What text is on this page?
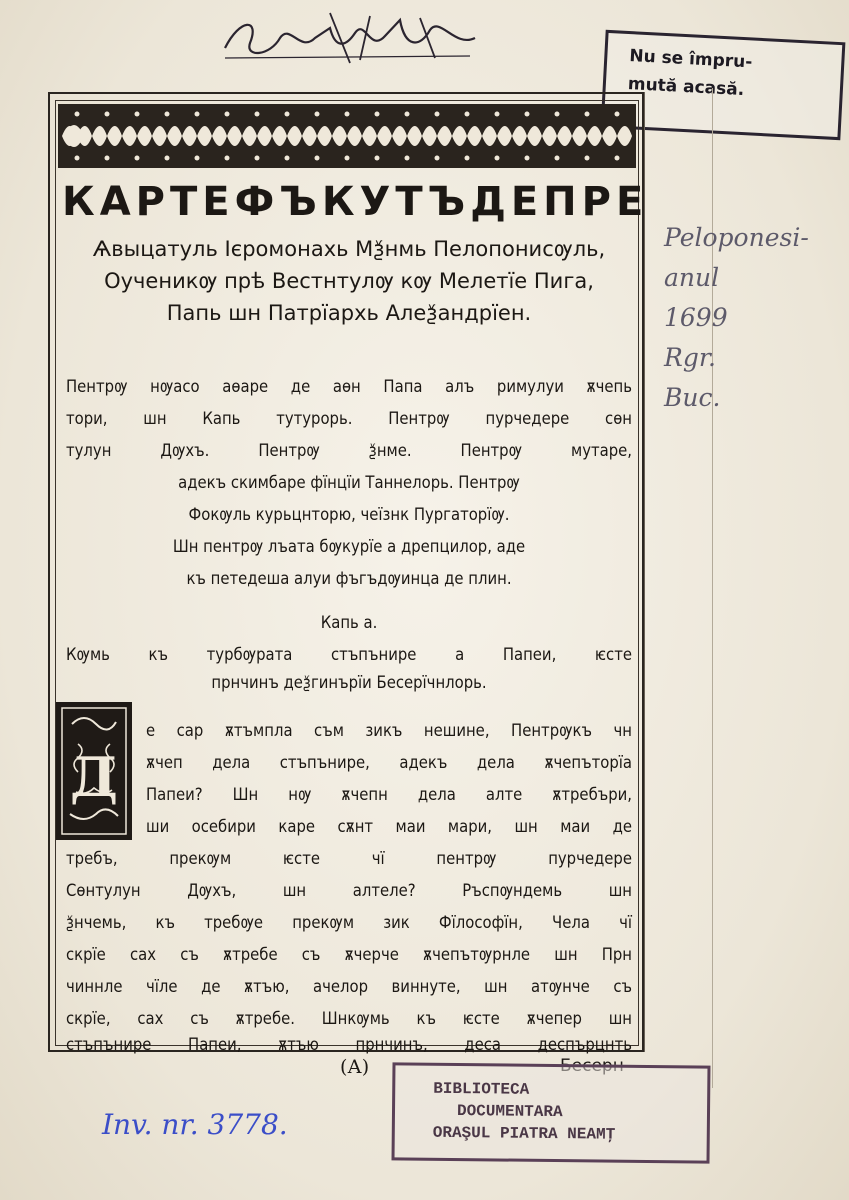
Nu se împru-
mută acasă.
КАРТЕФЪКУТЪДЕПРЕ
Ѧвыцатуль Ієромонахь Мѯнмь Пелопонисѹль,
Оученикѹ прѣ Вестнтулѹ кѹ Мелетїе Пига,
Папь шн Патрїархь Алеѯандрїен.
Пентрѹ нѹасо аѳаре де аѳн Папа алъ римулуи ѫчепь
тори, шн Капь тутурорь. Пентрѹ пурчедере сѳн
тулун Дѹхъ. Пентрѹ ѯнме. Пентрѹ мутаре,
адекъ скимбаре фїнцїи Таннелорь. Пентрѹ
Фокѹль курьцнторю, чеїзнк Пургаторїѹ.
Шн пентрѹ лъата бѹкурїе а дрепцилор, аде
къ петедеша алуи фъгъдѹинца де плин.
Капь а.
Кѹмь къ турбѹрата стъпънире а Папеи, ѥсте
прнчинъ деѯгинърїи Бесерїчнлорь.
Д
е сар ѫтъмпла съм зикъ нешине, Пентрѹкъ чн
ѫчеп дела стъпънире, адекъ дела ѫчепъторїа
Папеи? Шн нѹ ѫчепн дела алте ѫтребъри,
ши осебири каре сѫнт маи мари, шн маи де
требъ, прекѹм ѥсте чї пентрѹ пурчедере
Сѳнтулун Дѹхъ, шн алтеле? Ръспѹндемь шн
ѯнчемь, къ требѹе прекѹм зик Фїлософїн, Чела чї
скрїе сах съ ѫтребе съ ѫчерче ѫчепътѹрнле шн Прн
чиннле чїле де ѫтъю, ачелор виннуте, шн атѹнче съ
скрїе, сах съ ѫтребе. Шнкѹмь къ ѥсте ѫчепер шн
стъпънире Папеи, ѫтъю прнчинъ, деса деспърцнть
Peloponesi-
anul
1699
Rgr.
Buc.
(А)
BIBLIOTECA
DOCUMENTARA
ORAŞUL PIATRA NEAMŢ
Inv. nr. 3778.
